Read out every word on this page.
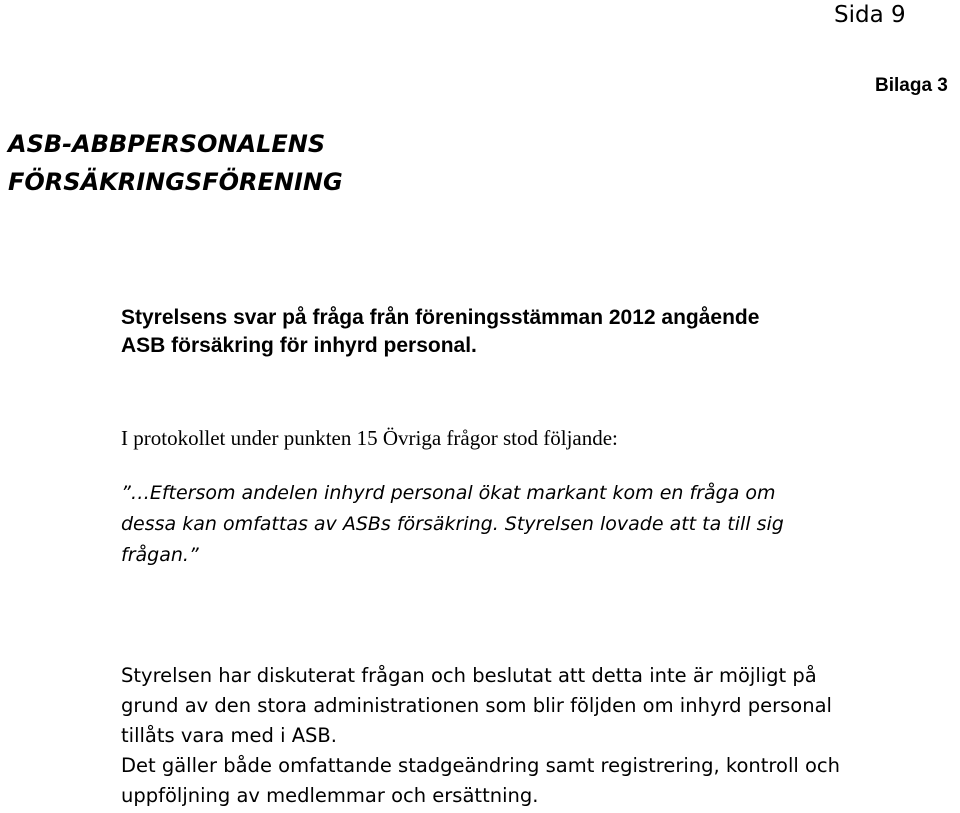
Sida 9
Bilaga 3
ASB-ABBPERSONALENS
FÖRSÄKRINGSFÖRENING
Styrelsens svar på fråga från föreningsstämman 2012 angående
ASB försäkring för inhyrd personal.
I protokollet under punkten 15 Övriga frågor stod följande:
”…Eftersom andelen inhyrd personal ökat markant kom en fråga om
dessa kan omfattas av ASBs försäkring. Styrelsen lovade att ta till sig
frågan.”
Styrelsen har diskuterat frågan och beslutat att detta inte är möjligt på
grund av den stora administrationen som blir följden om inhyrd personal
tillåts vara med i ASB.
Det gäller både omfattande stadgeändring samt registrering, kontroll och
uppföljning av medlemmar och ersättning.
